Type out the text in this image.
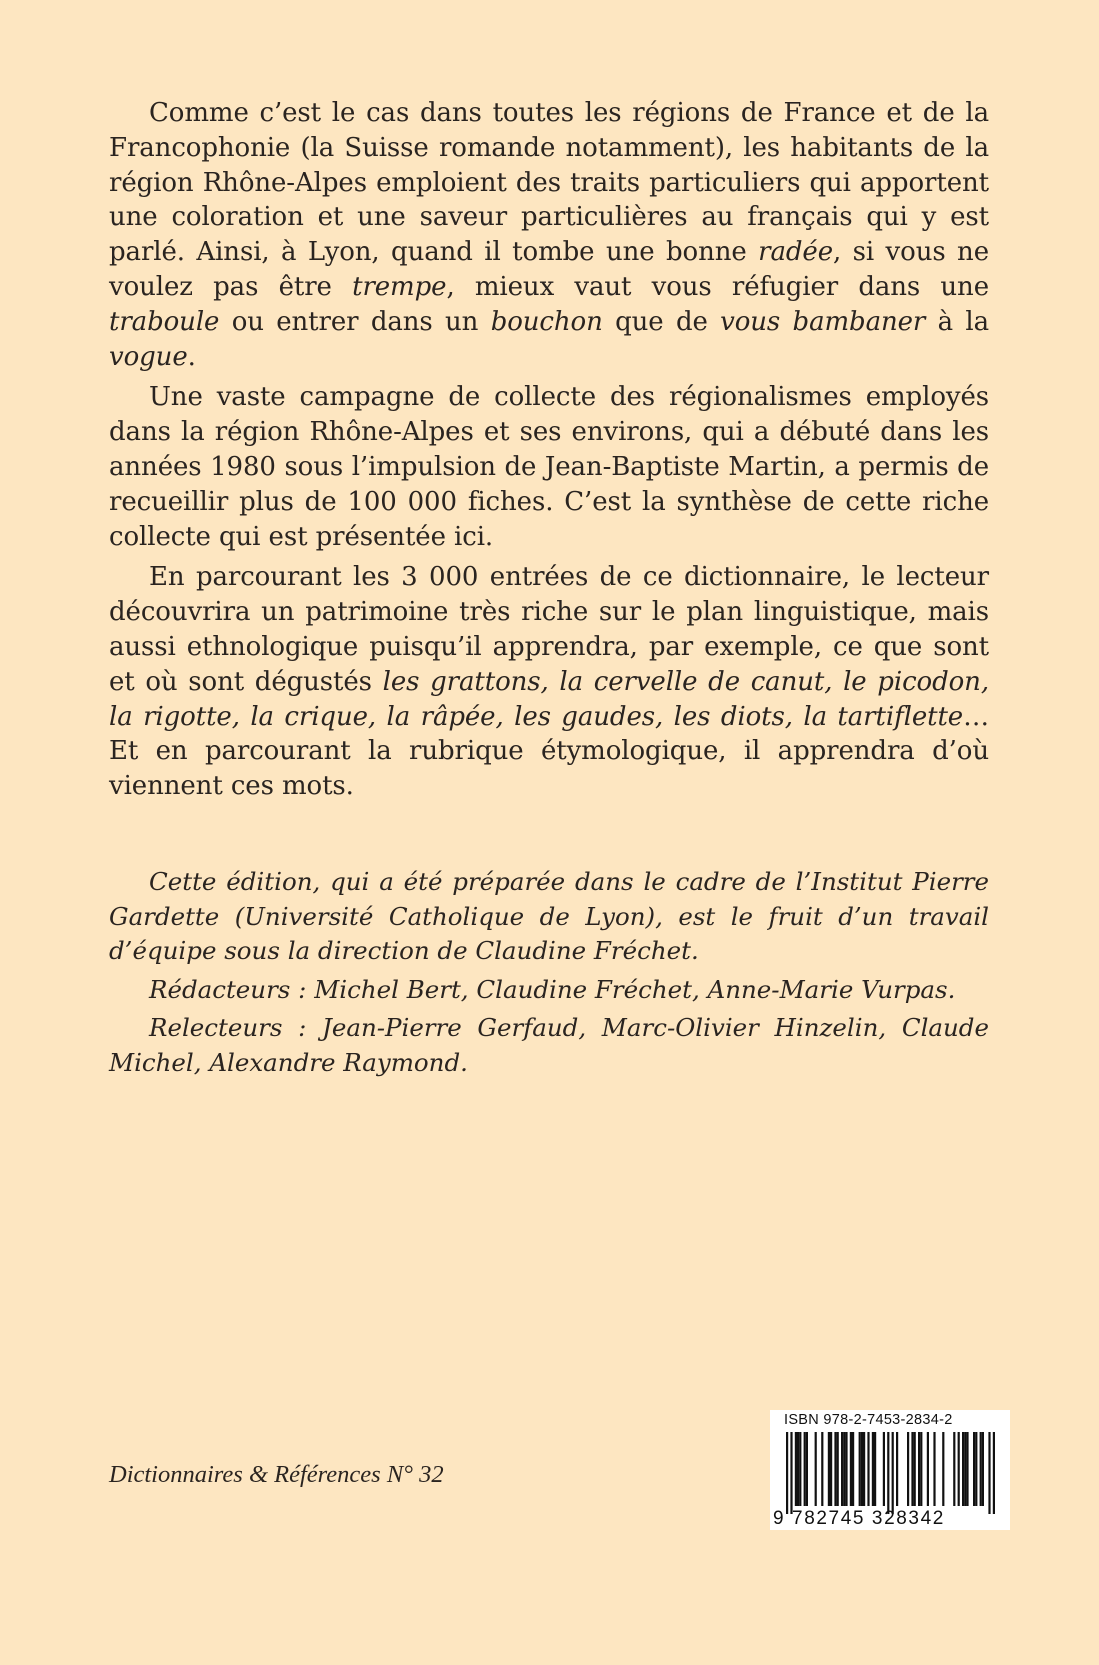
Comme c’est le cas dans toutes les régions de France et de la Francophonie (la Suisse romande notamment), les habitants de la région Rhône-Alpes emploient des traits particuliers qui apportent une coloration et une saveur particulières au français qui y est parlé. Ainsi, à Lyon, quand il tombe une bonne radée, si vous ne voulez pas être trempe, mieux vaut vous réfugier dans une traboule ou entrer dans un bouchon que de vous bambaner à la vogue.

Une vaste campagne de collecte des régionalismes employés dans la région Rhône-Alpes et ses environs, qui a débuté dans les années 1980 sous l’impulsion de Jean-Baptiste Martin, a permis de recueillir plus de 100 000 fiches. C’est la synthèse de cette riche collecte qui est présentée ici.

En parcourant les 3 000 entrées de ce dictionnaire, le lecteur découvrira un patrimoine très riche sur le plan linguistique, mais aussi ethnologique puisqu’il apprendra, par exemple, ce que sont et où sont dégustés les grattons, la cervelle de canut, le picodon, la rigotte, la crique, la râpée, les gaudes, les diots, la tartiflette… Et en parcourant la rubrique étymologique, il apprendra d’où viennent ces mots.

Cette édition, qui a été préparée dans le cadre de l’Institut Pierre Gardette (Université Catholique de Lyon), est le fruit d’un travail d’équipe sous la direction de Claudine Fréchet.

Rédacteurs : Michel Bert, Claudine Fréchet, Anne-Marie Vurpas.

Relecteurs : Jean-Pierre Gerfaud, Marc-Olivier Hinzelin, Claude Michel, Alexandre Raymond.

Dictionnaires & Références N° 32
ISBN 978-2-7453-2834-2
9 782745 328342
